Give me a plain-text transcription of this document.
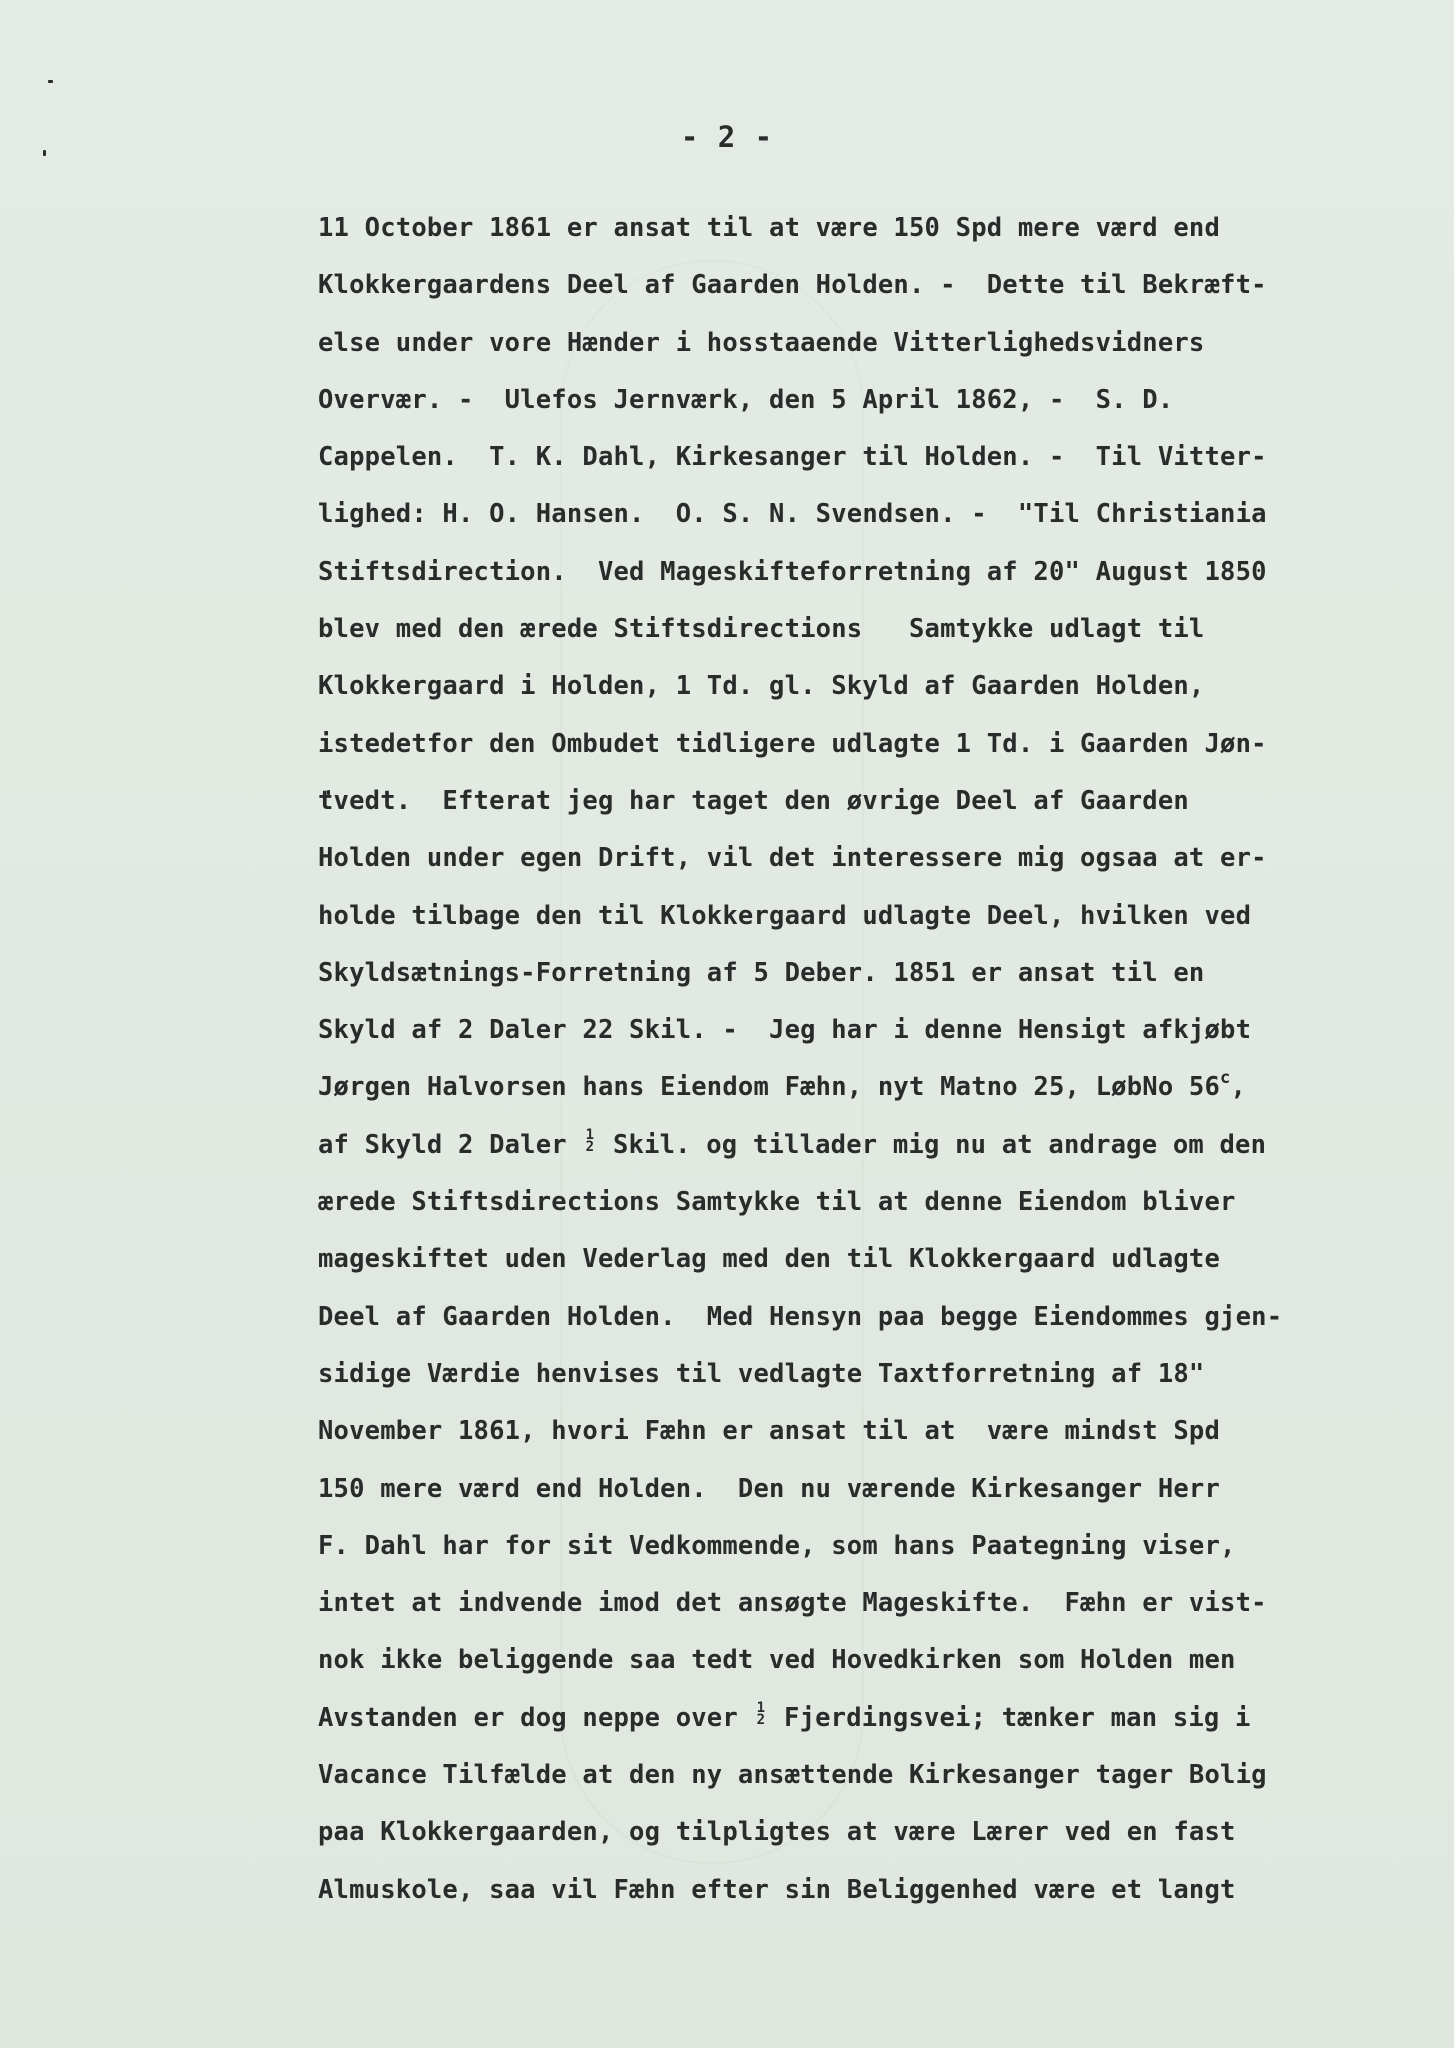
- 2 -
11 October 1861 er ansat til at være 150 Spd mere værd end
Klokkergaardens Deel af Gaarden Holden. -  Dette til Bekræft-
else under vore Hænder i hosstaaende Vitterlighedsvidners
Overvær. -  Ulefos Jernværk, den 5 April 1862, -  S. D.
Cappelen.  T. K. Dahl, Kirkesanger til Holden. -  Til Vitter-
lighed: H. O. Hansen.  O. S. N. Svendsen. -  "Til Christiania
Stiftsdirection.  Ved Mageskifteforretning af 20" August 1850
blev med den ærede Stiftsdirections   Samtykke udlagt til
Klokkergaard i Holden, 1 Td. gl. Skyld af Gaarden Holden,
istedetfor den Ombudet tidligere udlagte 1 Td. i Gaarden Jøn-
tvedt.  Efterat jeg har taget den øvrige Deel af Gaarden
Holden under egen Drift, vil det interessere mig ogsaa at er-
holde tilbage den til Klokkergaard udlagte Deel, hvilken ved
Skyldsætnings-Forretning af 5 Deber. 1851 er ansat til en
Skyld af 2 Daler 22 Skil. -  Jeg har i denne Hensigt afkjøbt
Jørgen Halvorsen hans Eiendom Fæhn, nyt Matno 25, LøbNo 56$^c$,
af Skyld 2 Daler 1
2 Skil. og tillader mig nu at andrage om den
ærede Stiftsdirections Samtykke til at denne Eiendom bliver
mageskiftet uden Vederlag med den til Klokkergaard udlagte
Deel af Gaarden Holden.  Med Hensyn paa begge Eiendommes gjen-
sidige Værdie henvises til vedlagte Taxtforretning af 18"
November 1861, hvori Fæhn er ansat til at  være mindst Spd
150 mere værd end Holden.  Den nu værende Kirkesanger Herr
F. Dahl har for sit Vedkommende, som hans Paategning viser,
intet at indvende imod det ansøgte Mageskifte.  Fæhn er vist-
nok ikke beliggende saa tedt ved Hovedkirken som Holden men
Avstanden er dog neppe over 1
2 Fjerdingsvei; tænker man sig i
Vacance Tilfælde at den ny ansættende Kirkesanger tager Bolig
paa Klokkergaarden, og tilpligtes at være Lærer ved en fast
Almuskole, saa vil Fæhn efter sin Beliggenhed være et langt
